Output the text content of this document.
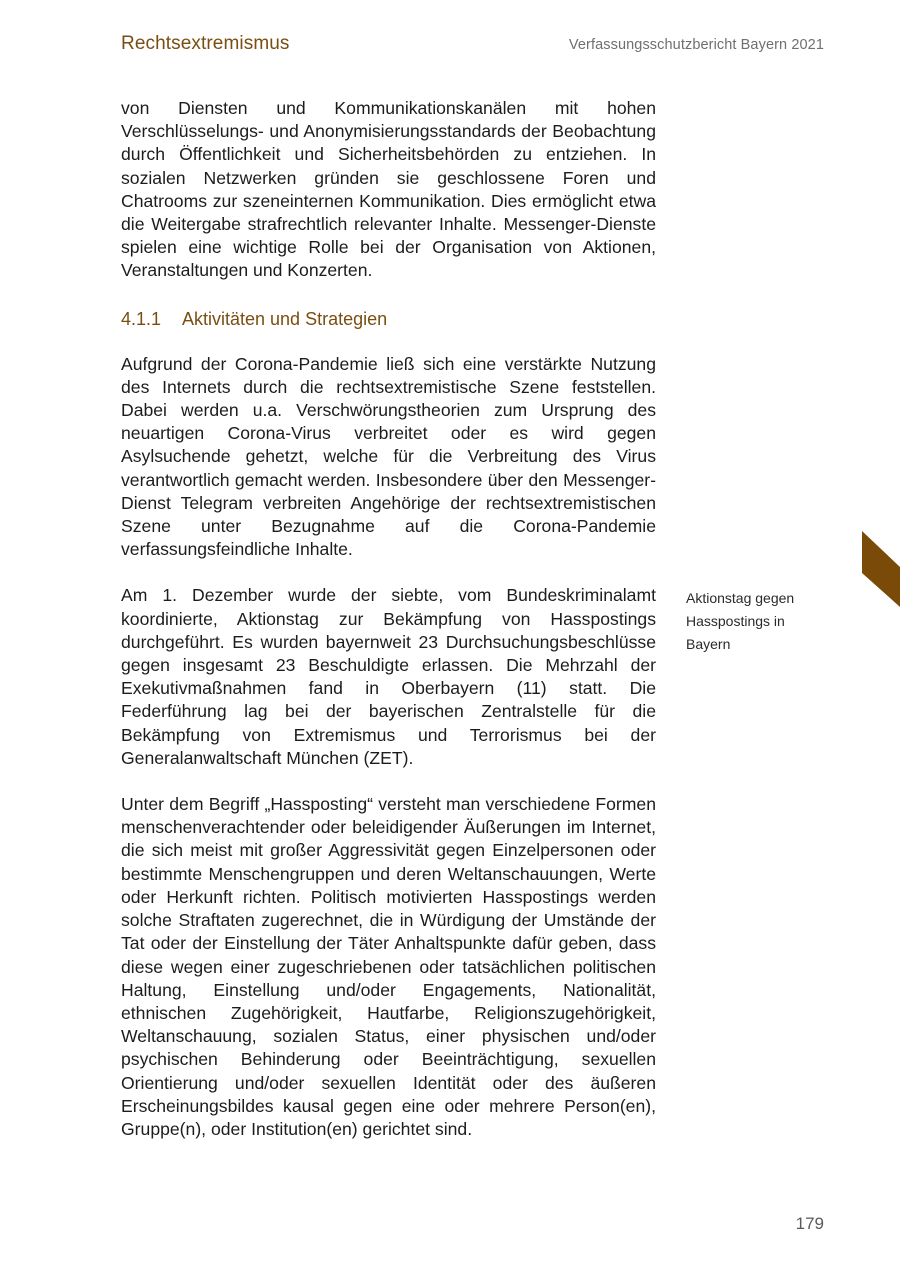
Rechtsextremismus	Verfassungsschutzbericht Bayern 2021

von Diensten und Kommunikationskanälen mit hohen Verschlüsselungs- und Anonymisierungsstandards der Beobachtung durch Öffentlichkeit und Sicherheitsbehörden zu entziehen. In sozialen Netzwerken gründen sie geschlossene Foren und Chatrooms zur szeneinternen Kommunikation. Dies ermöglicht etwa die Weitergabe strafrechtlich relevanter Inhalte. Messenger-Dienste spielen eine wichtige Rolle bei der Organisation von Aktionen, Veranstaltungen und Konzerten.

4.1.1	Aktivitäten und Strategien

Aufgrund der Corona-Pandemie ließ sich eine verstärkte Nutzung des Internets durch die rechtsextremistische Szene feststellen. Dabei werden u.a. Verschwörungstheorien zum Ursprung des neuartigen Corona-Virus verbreitet oder es wird gegen Asylsuchende gehetzt, welche für die Verbreitung des Virus verantwortlich gemacht werden. Insbesondere über den Messenger-Dienst Telegram verbreiten Angehörige der rechtsextremistischen Szene unter Bezugnahme auf die Corona-Pandemie verfassungsfeindliche Inhalte.

Am 1. Dezember wurde der siebte, vom Bundeskriminalamt koordinierte, Aktionstag zur Bekämpfung von Hasspostings durchgeführt. Es wurden bayernweit 23 Durchsuchungsbeschlüsse gegen insgesamt 23 Beschuldigte erlassen. Die Mehrzahl der Exekutivmaßnahmen fand in Oberbayern (11) statt. Die Federführung lag bei der bayerischen Zentralstelle für die Bekämpfung von Extremismus und Terrorismus bei der Generalanwaltschaft München (ZET).

Unter dem Begriff „Hassposting“ versteht man verschiedene Formen menschenverachtender oder beleidigender Äußerungen im Internet, die sich meist mit großer Aggressivität gegen Einzelpersonen oder bestimmte Menschengruppen und deren Weltanschauungen, Werte oder Herkunft richten. Politisch motivierten Hasspostings werden solche Straftaten zugerechnet, die in Würdigung der Umstände der Tat oder der Einstellung der Täter Anhaltspunkte dafür geben, dass diese wegen einer zugeschriebenen oder tatsächlichen politischen Haltung, Einstellung und/oder Engagements, Nationalität, ethnischen Zugehörigkeit, Hautfarbe, Religionszugehörigkeit, Weltanschauung, sozialen Status, einer physischen und/oder psychischen Behinderung oder Beeinträchtigung, sexuellen Orientierung und/oder sexuellen Identität oder des äußeren Erscheinungsbildes kausal gegen eine oder mehrere Person(en), Gruppe(n), oder Institution(en) gerichtet sind.

Aktionstag gegen
Hasspostings in
Bayern
179
